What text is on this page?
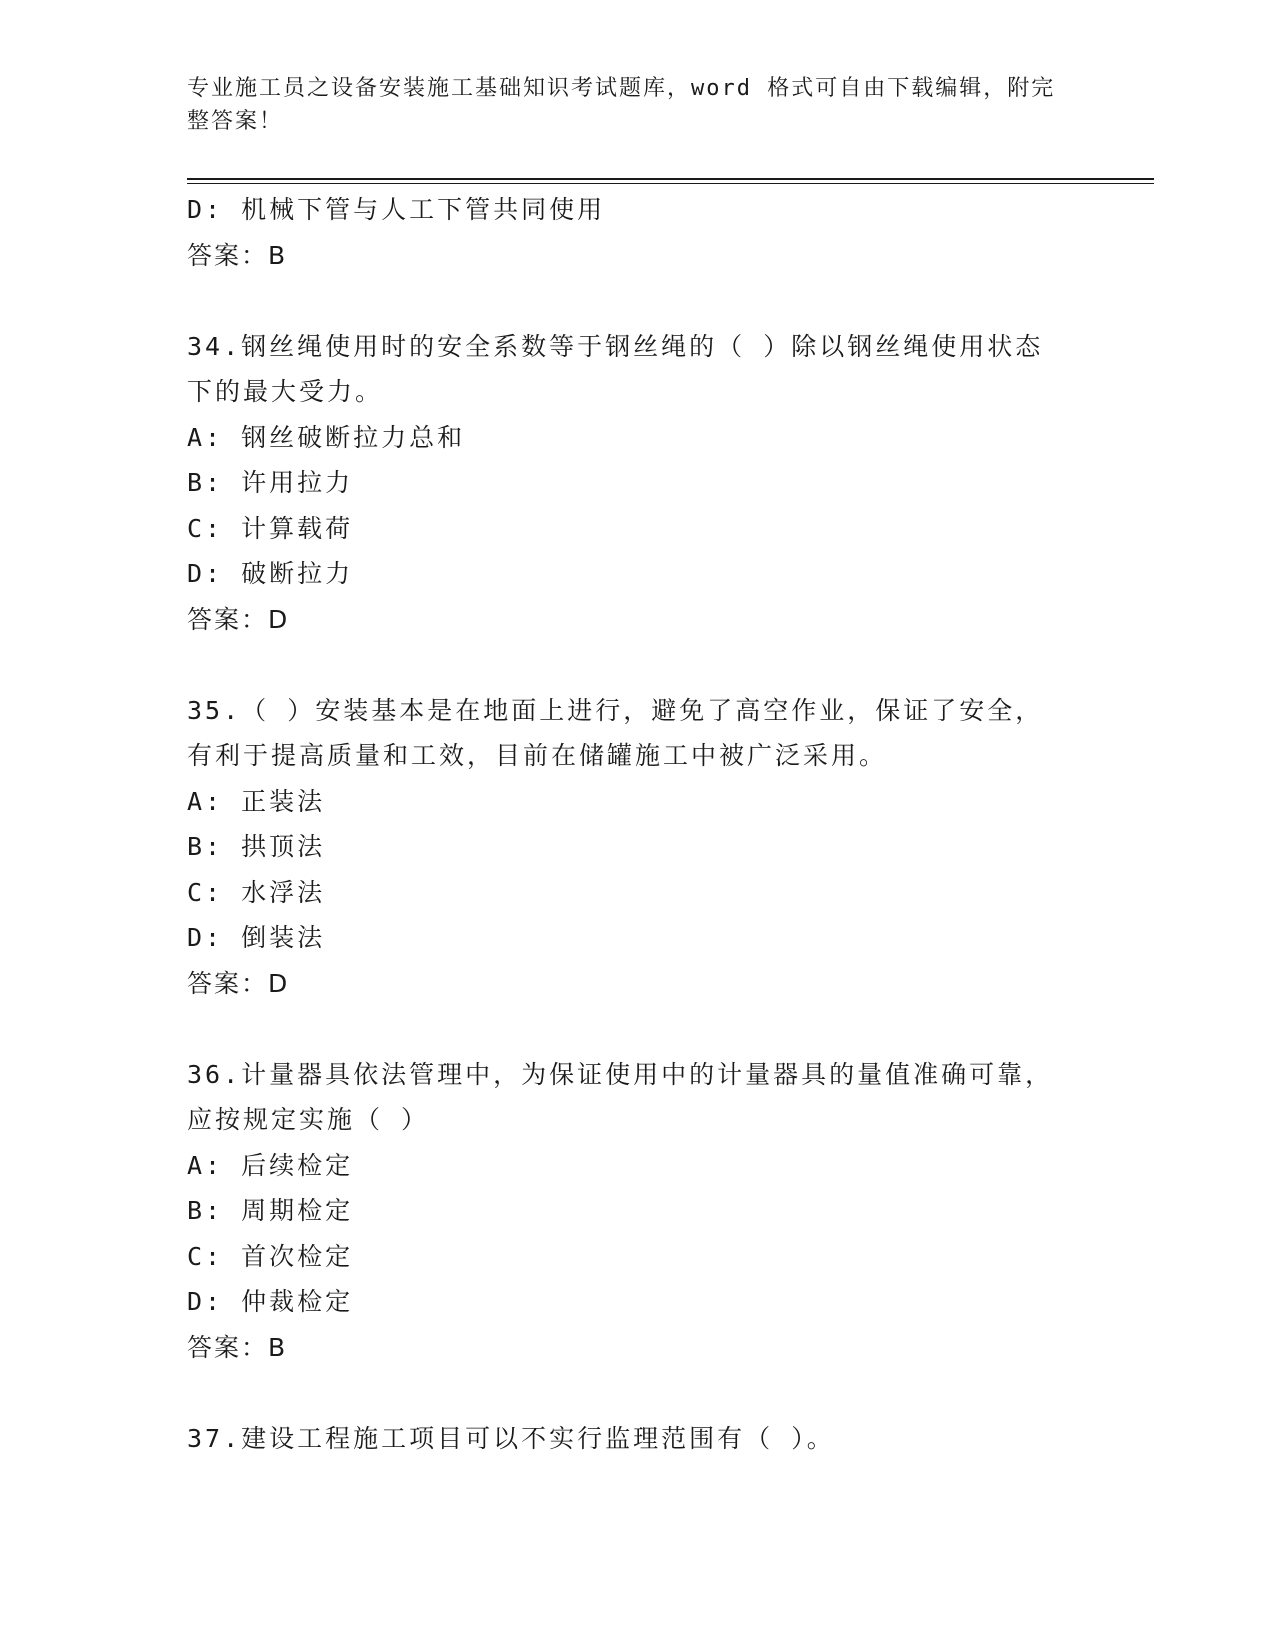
专业施工员之设备安装施工基础知识考试题库，word 格式可自由下载编辑，附完
整答案！
D: 机械下管与人工下管共同使用
答案：B
34.钢丝绳使用时的安全系数等于钢丝绳的（ ）除以钢丝绳使用状态
下的最大受力。
A: 钢丝破断拉力总和
B: 许用拉力
C: 计算载荷
D: 破断拉力
答案：D
35.（ ）安装基本是在地面上进行，避免了高空作业，保证了安全，
有利于提高质量和工效，目前在储罐施工中被广泛采用。
A: 正装法
B: 拱顶法
C: 水浮法
D: 倒装法
答案：D
36.计量器具依法管理中，为保证使用中的计量器具的量值准确可靠，
应按规定实施（ ）
A: 后续检定
B: 周期检定
C: 首次检定
D: 仲裁检定
答案：B
37.建设工程施工项目可以不实行监理范围有（ ）。
